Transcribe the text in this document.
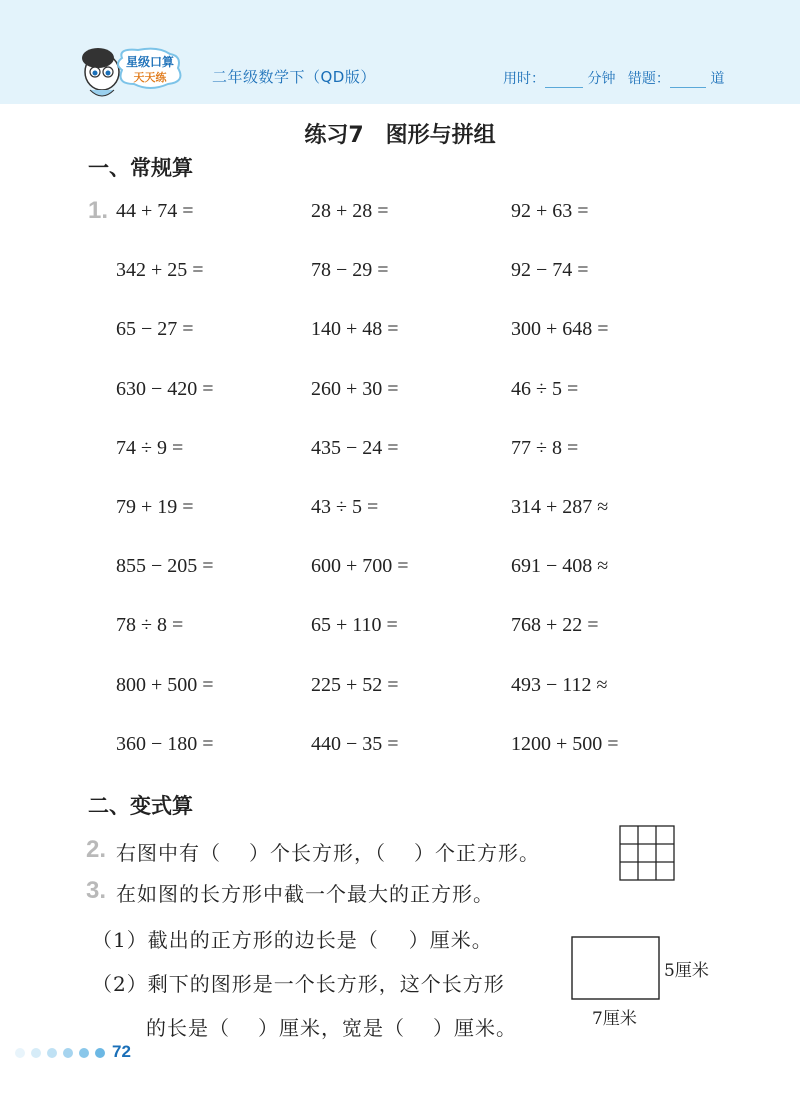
星级口算
天天练	二年级数学下（QD版）	用时：	分钟 错题：	道
练习7　图形与拼组
一、常规算
1. 44 + 74 =	28 + 28 =	92 + 63 =
342 + 25 =	78 − 29 =	92 − 74 =
65 − 27 =	140 + 48 =	300 + 648 =
630 − 420 =	260 + 30 =	46 ÷ 5 =
74 ÷ 9 =	435 − 24 =	77 ÷ 8 =
79 + 19 =	43 ÷ 5 =	314 + 287 ≈
855 − 205 =	600 + 700 =	691 − 408 ≈
78 ÷ 8 =	65 + 110 =	768 + 22 =
800 + 500 =	225 + 52 =	493 − 112 ≈
360 − 180 =	440 − 35 =	1200 + 500 =
二、变式算
2. 右图中有（ ）个长方形，（ ）个正方形。
3. 在如图的长方形中截一个最大的正方形。
（1）截出的正方形的边长是（ ）厘米。
（2）剩下的图形是一个长方形，这个长方形
的长是（ ）厘米，宽是（ ）厘米。
5厘米
7厘米
72
